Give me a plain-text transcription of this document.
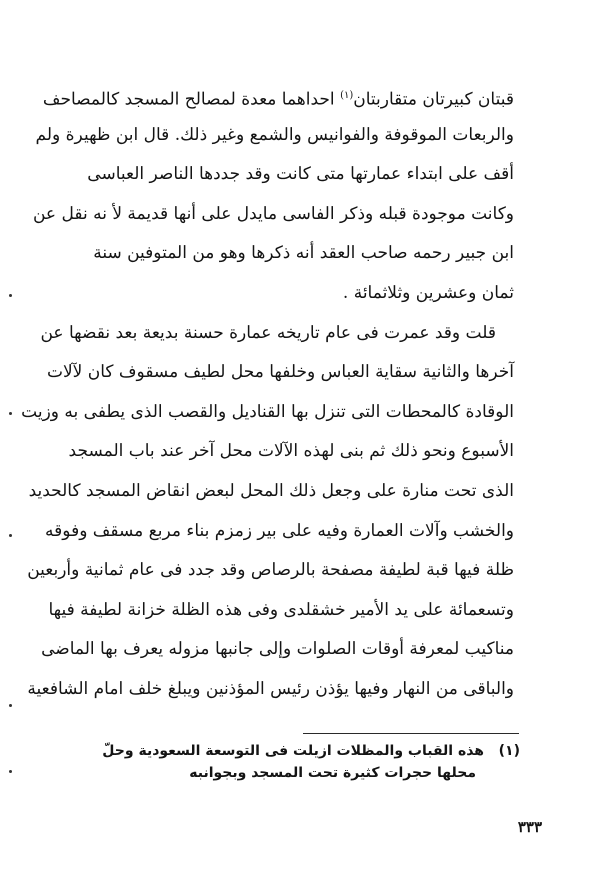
قبتان كبيرتان متقاربتان$^{(١)}$ احداهما معدة لمصالح المسجد كالمصاحف
والربعات الموقوفة والفوانيس والشمع وغير ذلك. قال ابن ظهيرة ولم
أقف على ابتداء عمارتها متى كانت وقد جددها الناصر العباسى
وكانت موجودة قبله وذكر الفاسى مايدل على أنها قديمة لأ نه نقل عن
ابن جبير رحمه صاحب العقد أنه ذكرها وهو من المتوفين سنة
ثمان وعشرين وثلاثمائة .
قلت وقد عمرت فى عام تاريخه عمارة حسنة بديعة بعد نقضها عن
آخرها والثانية سقاية العباس وخلفها محل لطيف مسقوف كان لآلات
الوقادة كالمحطات التى تنزل بها القناديل والقصب الذى يطفى به وزيت
الأسبوع ونحو ذلك ثم بنى لهذه الآلات محل آخر عند باب المسجد
الذى تحت منارة على وجعل ذلك المحل لبعض انقاض المسجد كالحديد
والخشب وآلات العمارة وفيه على بير زمزم بناء مربع مسقف وفوقه
ظلة فيها قبة لطيفة مصفحة بالرصاص وقد جدد فى عام ثمانية وأربعين
وتسعمائة على يد الأمير خشقلدى وفى هذه الظلة خزانة لطيفة فيها
مناكيب لمعرفة أوقات الصلوات وإلى جانبها مزوله يعرف بها الماضى
والباقى من النهار وفيها يؤذن رئيس المؤذنين ويبلغ خلف امام الشافعية
(١)   هذه القباب والمظلات ازيلت فى التوسعة السعودية وحلّ
محلها حجرات كثيرة تحت المسجد وبجوانبه
٣٣٣
